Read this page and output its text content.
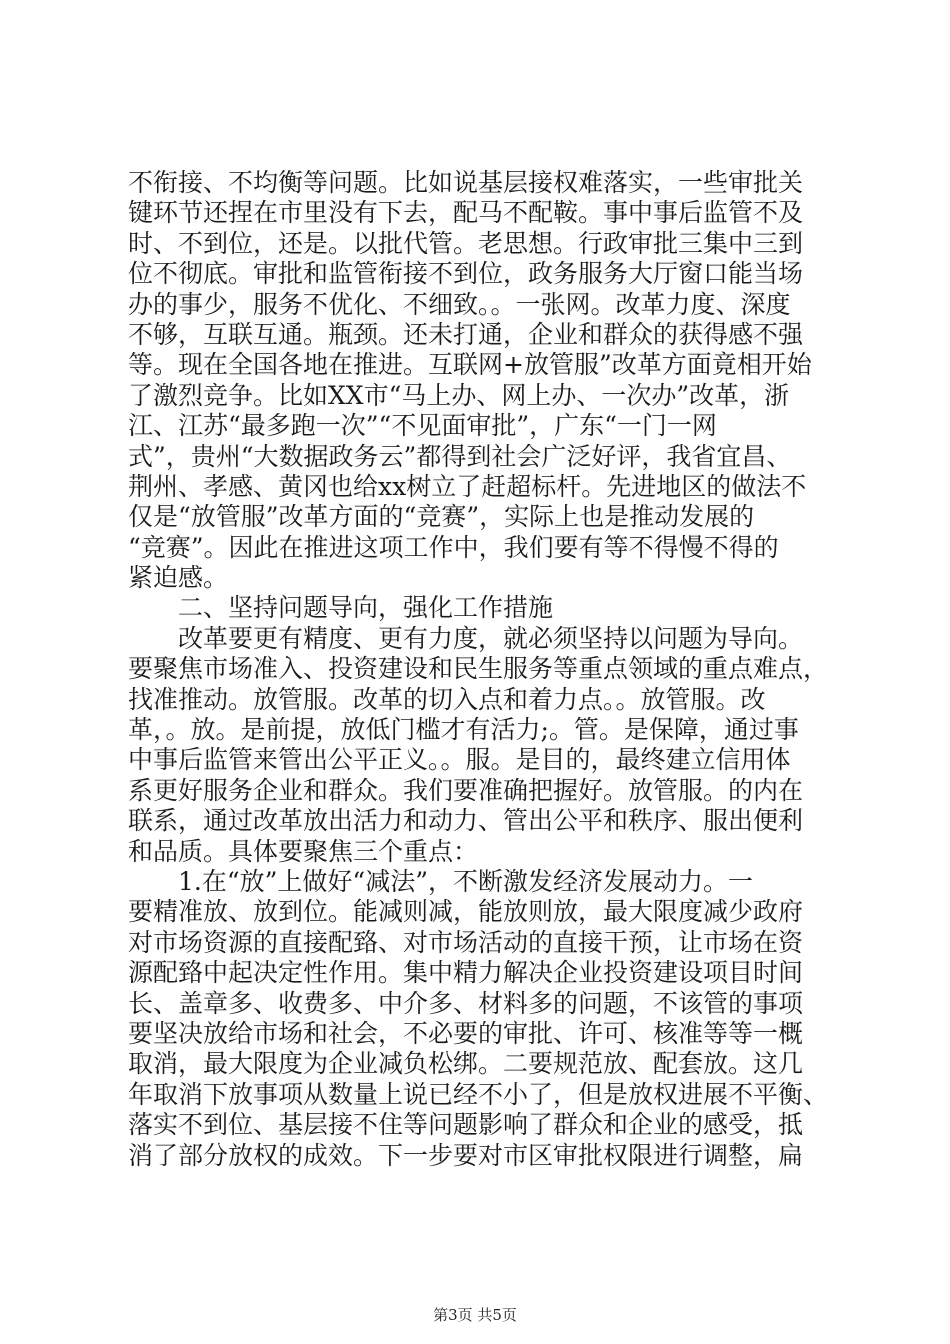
不衔接、不均衡等问题。比如说基层接权难落实，一些审批关
键环节还捏在市里没有下去，配马不配鞍。事中事后监管不及
时、不到位，还是。以批代管。老思想。行政审批三集中三到
位不彻底。审批和监管衔接不到位，政务服务大厅窗口能当场
办的事少，服务不优化、不细致。。一张网。改革力度、深度
不够，互联互通。瓶颈。还未打通，企业和群众的获得感不强
等。现在全国各地在推进。互联网+放管服”改革方面竟相开始
了激烈竞争。比如XX市“马上办、网上办、一次办”改革，浙
江、江苏“最多跑一次”“不见面审批”，广东“一门一网
式”，贵州“大数据政务云”都得到社会广泛好评，我省宜昌、
荆州、孝感、黄冈也给xx树立了赶超标杆。先进地区的做法不
仅是“放管服”改革方面的“竞赛”，实际上也是推动发展的
“竞赛”。因此在推进这项工作中，我们要有等不得慢不得的
紧迫感。
二、坚持问题导向，强化工作措施
改革要更有精度、更有力度，就必须坚持以问题为导向。
要聚焦市场准入、投资建设和民生服务等重点领域的重点难点，
找准推动。放管服。改革的切入点和着力点。。放管服。改
革，。放。是前提，放低门槛才有活力;。管。是保障，通过事
中事后监管来管出公平正义。。服。是目的，最终建立信用体
系更好服务企业和群众。我们要准确把握好。放管服。的内在
联系，通过改革放出活力和动力、管出公平和秩序、服出便利
和品质。具体要聚焦三个重点：
1.在“放”上做好“减法”，不断激发经济发展动力。一
要精准放、放到位。能减则减，能放则放，最大限度减少政府
对市场资源的直接配臵、对市场活动的直接干预，让市场在资
源配臵中起决定性作用。集中精力解决企业投资建设项目时间
长、盖章多、收费多、中介多、材料多的问题，不该管的事项
要坚决放给市场和社会，不必要的审批、许可、核准等等一概
取消，最大限度为企业减负松绑。二要规范放、配套放。这几
年取消下放事项从数量上说已经不小了，但是放权进展不平衡、
落实不到位、基层接不住等问题影响了群众和企业的感受，抵
消了部分放权的成效。下一步要对市区审批权限进行调整，扁
第3页 共5页
